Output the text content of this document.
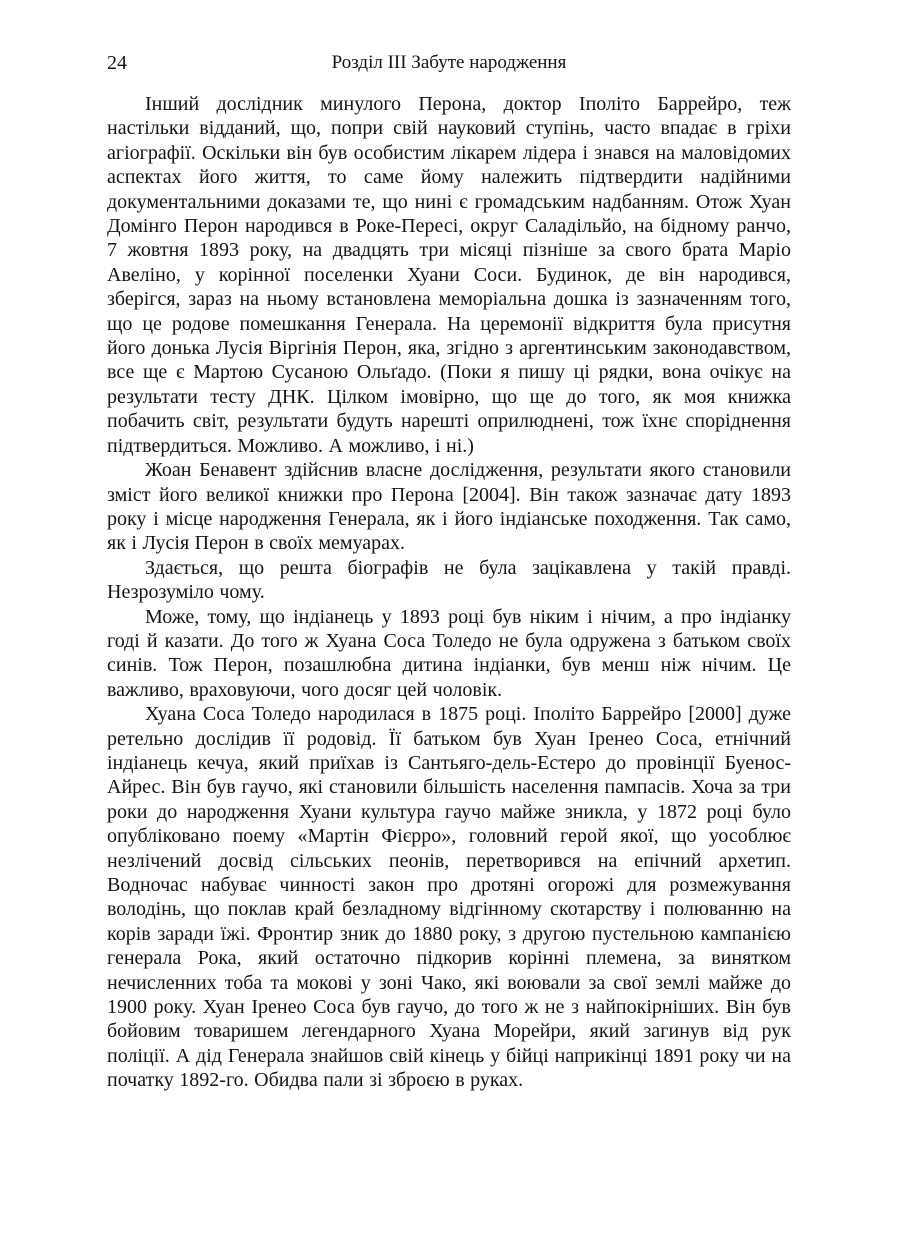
24	Розділ III Забуте народження

Інший дослідник минулого Перона, доктор Іполіто Баррейро, теж настільки відданий, що, попри свій науковий ступінь, часто впадає в гріхи агіографії. Оскільки він був особистим лікарем лідера і знався на маловідомих аспектах його життя, то саме йому належить підтвердити надійними документальними доказами те, що нині є громадським надбанням. Отож Хуан Домінго Перон народився в Роке-Пересі, округ Саладільйо, на бідному ранчо, 7 жовтня 1893 року, на двадцять три місяці пізніше за свого брата Маріо Авеліно, у корінної поселенки Хуани Соси. Будинок, де він народився, зберігся, зараз на ньому встановлена меморіальна дошка із зазначенням того, що це родове помешкання Генерала. На церемонії відкриття була присутня його донька Лусія Віргінія Перон, яка, згідно з аргентинським законодавством, все ще є Мартою Сусаною Ольґадо. (Поки я пишу ці рядки, вона очікує на результати тесту ДНК. Цілком імовірно, що ще до того, як моя книжка побачить світ, результати будуть нарешті оприлюднені, тож їхнє споріднення підтвердиться. Можливо. А можливо, і ні.)

Жоан Бенавент здійснив власне дослідження, результати якого становили зміст його великої книжки про Перона [2004]. Він також зазначає дату 1893 року і місце народження Генерала, як і його індіанське походження. Так само, як і Лусія Перон в своїх мемуарах.

Здається, що решта біографів не була зацікавлена у такій правді. Незрозуміло чому.

Може, тому, що індіанець у 1893 році був ніким і нічим, а про індіанку годі й казати. До того ж Хуана Соса Толедо не була одружена з батьком своїх синів. Тож Перон, позашлюбна дитина індіанки, був менш ніж нічим. Це важливо, враховуючи, чого досяг цей чоловік.

Хуана Соса Толедо народилася в 1875 році. Іполіто Баррейро [2000] дуже ретельно дослідив її родовід. Її батьком був Хуан Іренео Соса, етнічний індіанець кечуа, який приїхав із Сантьяго-дель-Естеро до провінції Буенос-Айрес. Він був гаучо, які становили більшість населення пампасів. Хоча за три роки до народження Хуани культура гаучо майже зникла, у 1872 році було опубліковано поему «Мартін Фієрро», головний герой якої, що уособлює незлічений досвід сільських пеонів, перетворився на епічний архетип. Водночас набуває чинності закон про дротяні огорожі для розмежування володінь, що поклав край безладному відгінному скотарству і полюванню на корів заради їжі. Фронтир зник до 1880 року, з другою пустельною кампанією генерала Рока, який остаточно підкорив корінні племена, за винятком нечисленних тоба та мокові у зоні Чако, які воювали за свої землі майже до 1900 року. Хуан Іренео Соса був гаучо, до того ж не з найпокірніших. Він був бойовим товаришем легендарного Хуана Морейри, який загинув від рук поліції. А дід Генерала знайшов свій кінець у бійці наприкінці 1891 року чи на початку 1892-го. Обидва пали зі зброєю в руках.
